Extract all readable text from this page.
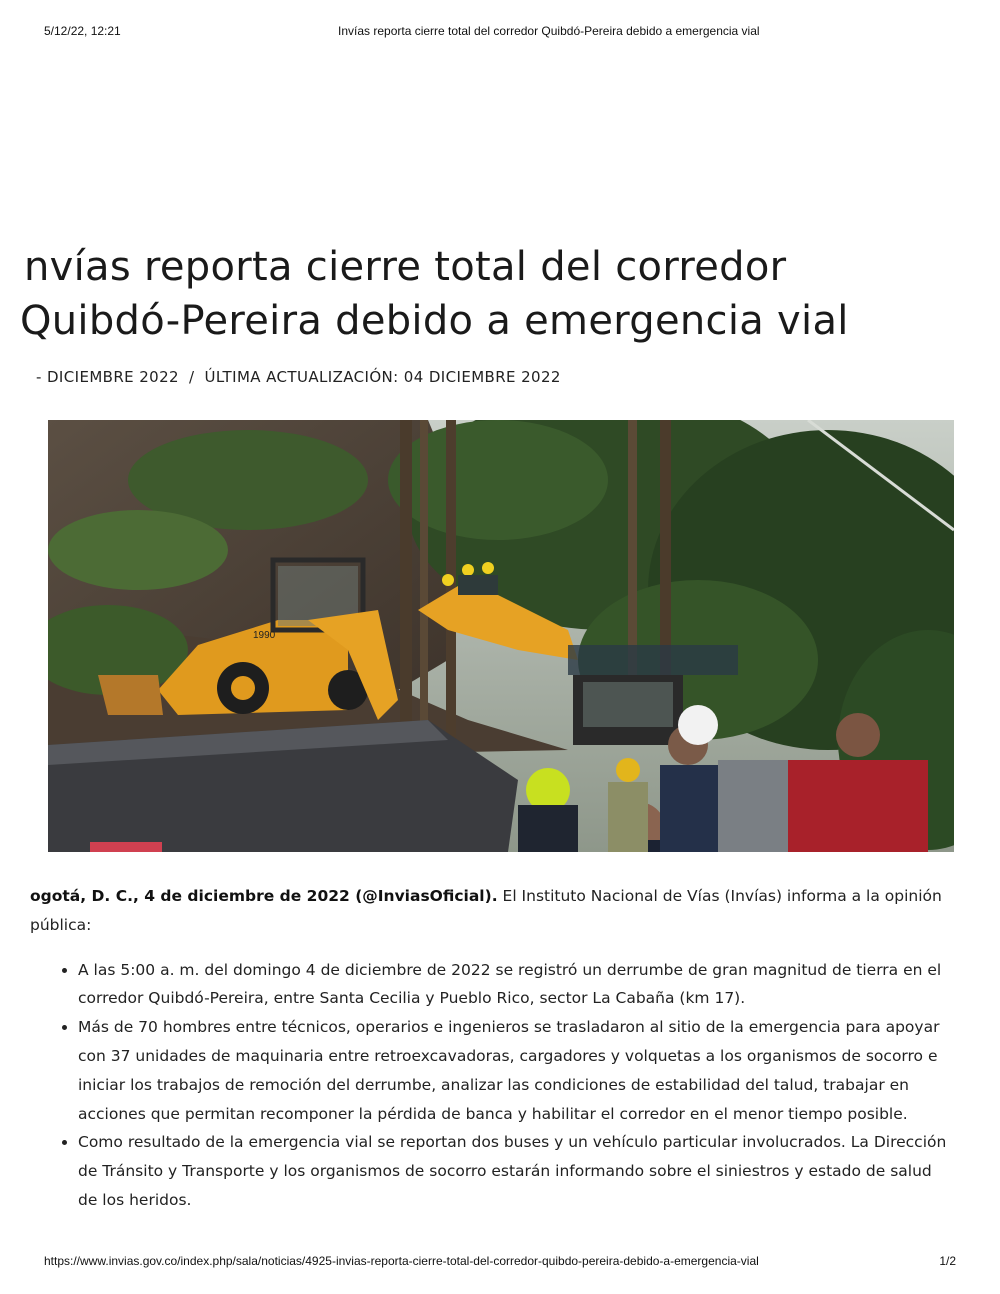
5/12/22, 12:21	Invías reporta cierre total del corredor Quibdó-Pereira debido a emergencia vial
nvías reporta cierre total del corredor
Quibdó-Pereira debido a emergencia vial
- DICIEMBRE 2022 / ÚLTIMA ACTUALIZACIÓN: 04 DICIEMBRE 2022
1990

ogotá, D. C., 4 de diciembre de 2022 (@InviasOficial). El Instituto Nacional de Vías (Invías) informa a la opinión pública:

• A las 5:00 a. m. del domingo 4 de diciembre de 2022 se registró un derrumbe de gran magnitud de tierra en el corredor Quibdó-Pereira, entre Santa Cecilia y Pueblo Rico, sector La Cabaña (km 17).
• Más de 70 hombres entre técnicos, operarios e ingenieros se trasladaron al sitio de la emergencia para apoyar con 37 unidades de maquinaria entre retroexcavadoras, cargadores y volquetas a los organismos de socorro e iniciar los trabajos de remoción del derrumbe, analizar las condiciones de estabilidad del talud, trabajar en acciones que permitan recomponer la pérdida de banca y habilitar el corredor en el menor tiempo posible.
• Como resultado de la emergencia vial se reportan dos buses y un vehículo particular involucrados. La Dirección de Tránsito y Transporte y los organismos de socorro estarán informando sobre el siniestros y estado de salud de los heridos.
https://www.invias.gov.co/index.php/sala/noticias/4925-invias-reporta-cierre-total-del-corredor-quibdo-pereira-debido-a-emergencia-vial	1/2
